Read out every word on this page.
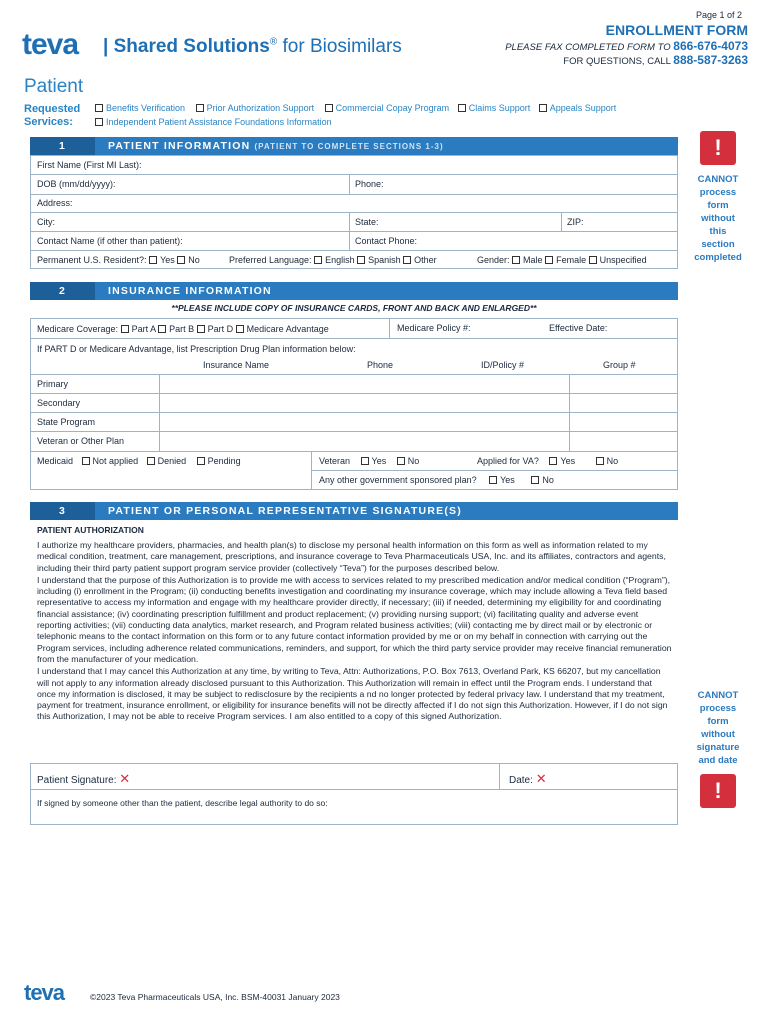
Page 1 of 2
ENROLLMENT FORM
PLEASE FAX COMPLETED FORM TO 866-676-4073
FOR QUESTIONS, CALL 888-587-3263
teva | Shared Solutions® for Biosimilars
Patient
Requested
Services:
Benefits Verification Prior Authorization Support Commercial Copay Program Claims Support Appeals Support
Independent Patient Assistance Foundations Information
1	PATIENT INFORMATION (PATIENT TO COMPLETE SECTIONS 1-3)
First Name (First MI Last):
DOB (mm/dd/yyyy):	Phone:
Address:
City:	State:	ZIP:
Contact Name (if other than patient):	Contact Phone:
Permanent U.S. Resident?: Yes No	Preferred Language: English Spanish Other	Gender: Male Female Unspecified
!
CANNOT
process
form
without
this
section
completed
2	INSURANCE INFORMATION
**PLEASE INCLUDE COPY OF INSURANCE CARDS, FRONT AND BACK AND ENLARGED**
Medicare Coverage: Part A Part B Part D Medicare Advantage	Medicare Policy #:	Effective Date:
If PART D or Medicare Advantage, list Prescription Drug Plan information below:
Insurance Name	Phone	ID/Policy #	Group #
Primary
Secondary
State Program
Veteran or Other Plan
Medicaid Not applied Denied Pending	Veteran Yes No	Applied for VA? Yes	No
Any other government sponsored plan?	Yes	No
3	PATIENT OR PERSONAL REPRESENTATIVE SIGNATURE(S)
PATIENT AUTHORIZATION

I authorize my healthcare providers, pharmacies, and health plan(s) to disclose my personal health information on this form as well as information related to my medical condition, treatment, care management, prescriptions, and insurance coverage to Teva Pharmaceuticals USA, Inc. and its affiliates, contractors and agents, including their third party patient support program service provider (collectively “Teva”) for the purposes described below.

I understand that the purpose of this Authorization is to provide me with access to services related to my prescribed medication and/or medical condition (“Program”), including (i) enrollment in the Program; (ii) conducting benefits investigation and coordinating my insurance coverage, which may include allowing a Teva field based representative to access my information and engage with my healthcare provider directly, if necessary; (iii) if needed, determining my eligibility for and coordinating financial assistance; (iv) coordinating prescription fulfillment and product replacement; (v) providing nursing support; (vi) facilitating quality and adverse event reporting activities; (vii) conducting data analytics, market research, and Program related business activities; (viii) contacting me by direct mail or by electronic or telephonic means to the contact information on this form or to any future contact information provided by me or on my behalf in connection with carrying out the Program services, including adherence related communications, reminders, and support, for which the third party service provider may receive financial remuneration from the manufacturer of your medication.

I understand that I may cancel this Authorization at any time, by writing to Teva, Attn: Authorizations, P.O. Box 7613, Overland Park, KS 66207, but my cancellation will not apply to any information already disclosed pursuant to this Authorization. This Authorization will remain in effect until the Program ends. I understand that once my information is disclosed, it may be subject to redisclosure by the recipients a nd no longer protected by federal privacy law. I understand that my treatment, payment for treatment, insurance enrollment, or eligibility for insurance benefits will not be directly affected if I do not sign this Authorization. However, if I do not sign this Authorization, I may not be able to receive Program services. I am also entitled to a copy of this signed Authorization.

Patient Signature: ✕	Date: ✕
If signed by someone other than the patient, describe legal authority to do so:
CANNOT
process
form
without
signature
and date
!
teva	©2023 Teva Pharmaceuticals USA, Inc. BSM-40031 January 2023
